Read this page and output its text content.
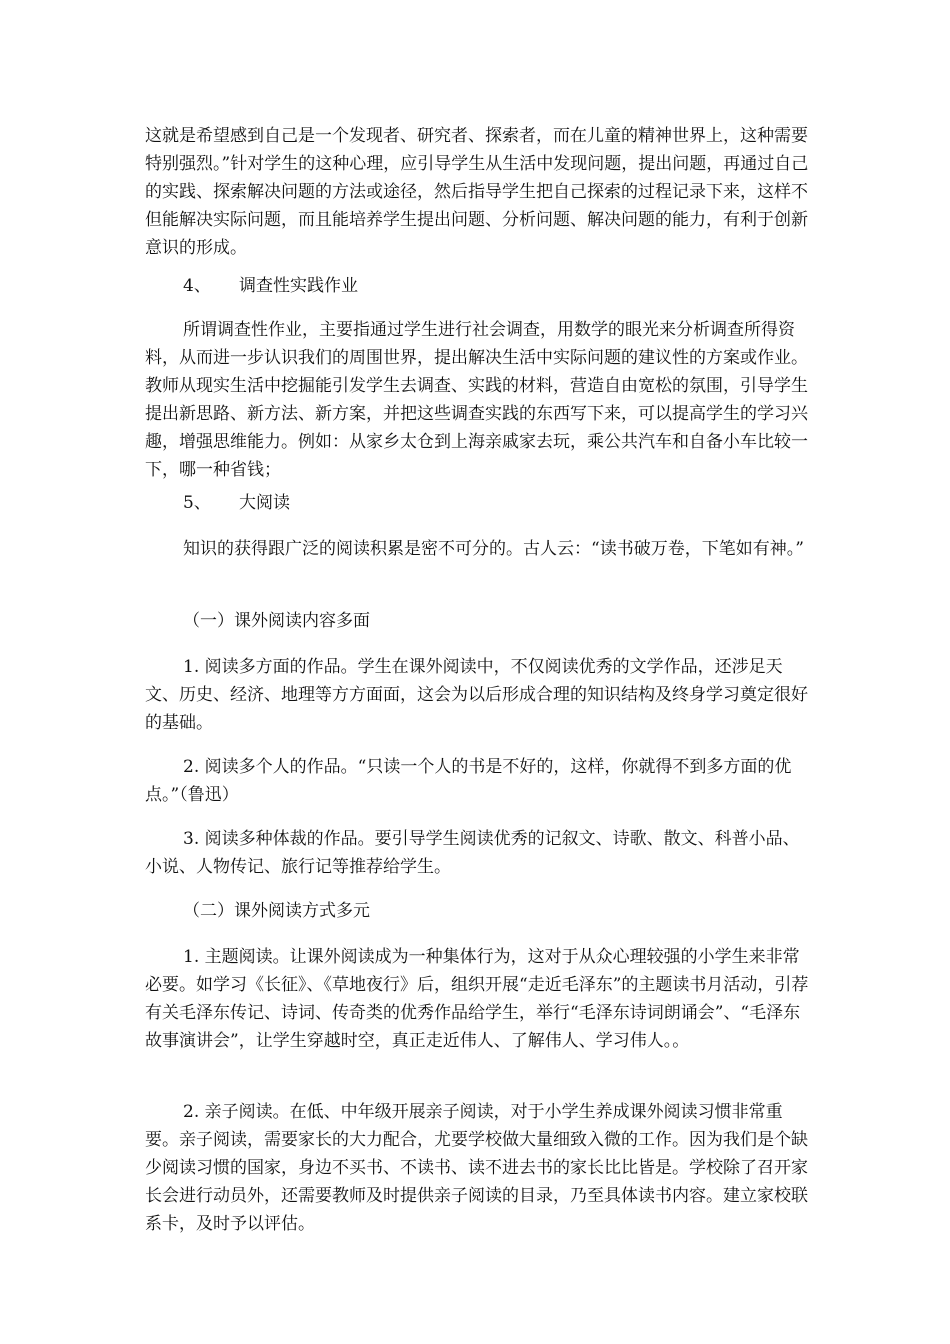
这就是希望感到自己是一个发现者、研究者、探索者，而在儿童的精神世界上，这种需要特别强烈。”针对学生的这种心理，应引导学生从生活中发现问题，提出问题，再通过自己的实践、探索解决问题的方法或途径，然后指导学生把自己探索的过程记录下来，这样不但能解决实际问题，而且能培养学生提出问题、分析问题、解决问题的能力，有利于创新意识的形成。

4、 调查性实践作业

所谓调查性作业，主要指通过学生进行社会调查，用数学的眼光来分析调查所得资料，从而进一步认识我们的周围世界，提出解决生活中实际问题的建议性的方案或作业。教师从现实生活中挖掘能引发学生去调查、实践的材料，营造自由宽松的氛围，引导学生提出新思路、新方法、新方案，并把这些调查实践的东西写下来，可以提高学生的学习兴趣，增强思维能力。例如：从家乡太仓到上海亲戚家去玩，乘公共汽车和自备小车比较一下，哪一种省钱；

5、 大阅读

知识的获得跟广泛的阅读积累是密不可分的。古人云：“读书破万卷，下笔如有神。”

（一）课外阅读内容多面

1. 阅读多方面的作品。学生在课外阅读中，不仅阅读优秀的文学作品，还涉足天文、历史、经济、地理等方方面面，这会为以后形成合理的知识结构及终身学习奠定很好的基础。

2. 阅读多个人的作品。“只读一个人的书是不好的，这样，你就得不到多方面的优点。”（鲁迅）

3. 阅读多种体裁的作品。要引导学生阅读优秀的记叙文、诗歌、散文、科普小品、小说、人物传记、旅行记等推荐给学生。

（二）课外阅读方式多元

1. 主题阅读。让课外阅读成为一种集体行为，这对于从众心理较强的小学生来非常必要。如学习《长征》、《草地夜行》后，组织开展“走近毛泽东”的主题读书月活动，引荐有关毛泽东传记、诗词、传奇类的优秀作品给学生，举行“毛泽东诗词朗诵会”、“毛泽东故事演讲会”，让学生穿越时空，真正走近伟人、了解伟人、学习伟人。。

2. 亲子阅读。在低、中年级开展亲子阅读，对于小学生养成课外阅读习惯非常重要。亲子阅读，需要家长的大力配合，尤要学校做大量细致入微的工作。因为我们是个缺少阅读习惯的国家，身边不买书、不读书、读不进去书的家长比比皆是。学校除了召开家长会进行动员外，还需要教师及时提供亲子阅读的目录，乃至具体读书内容。建立家校联系卡，及时予以评估。
